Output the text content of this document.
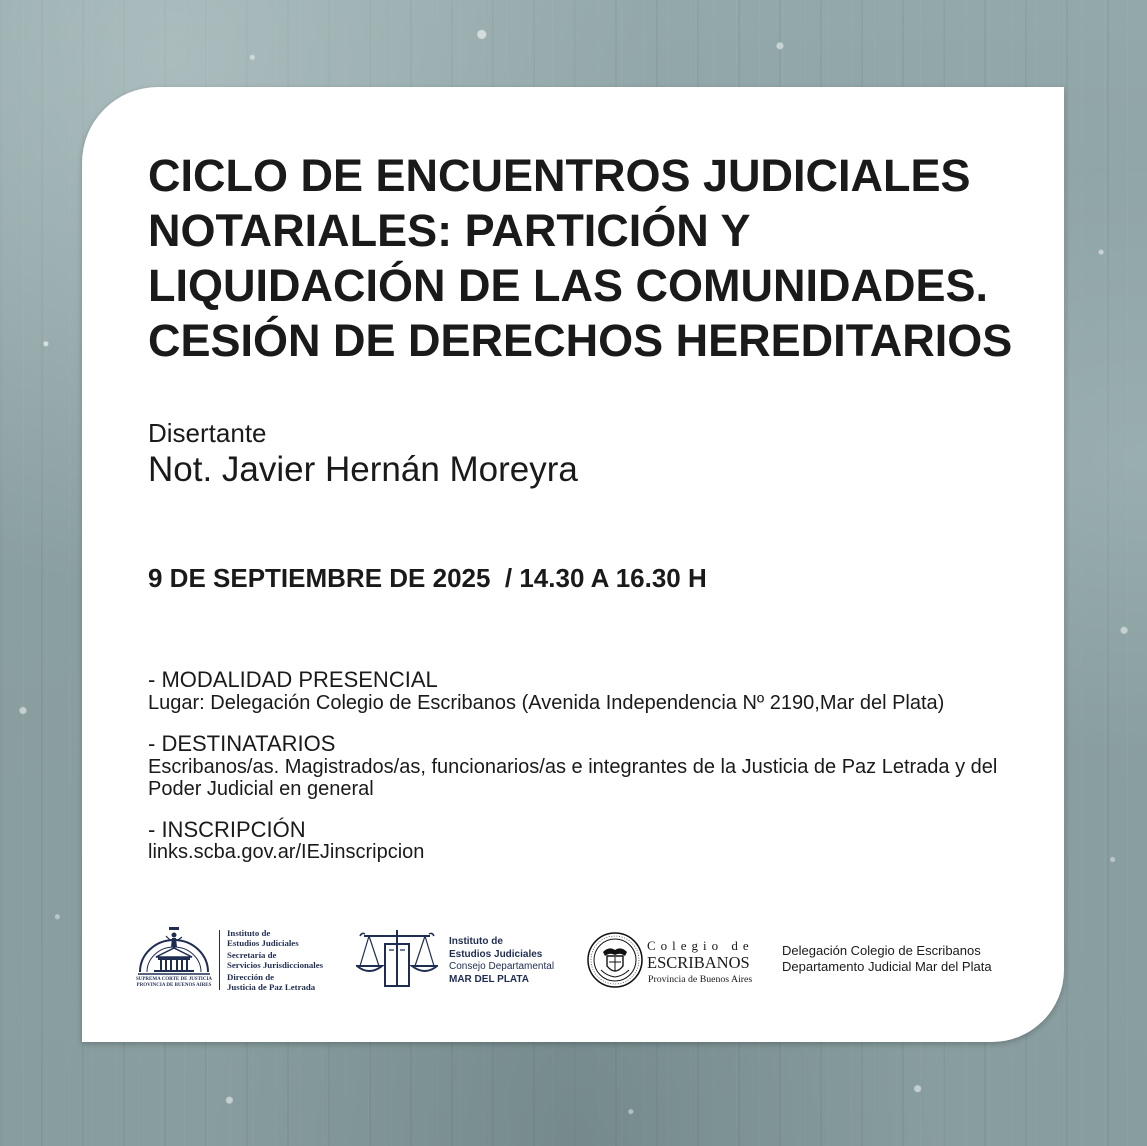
CICLO DE ENCUENTROS JUDICIALES
NOTARIALES: PARTICIÓN Y
LIQUIDACIÓN DE LAS COMUNIDADES.
CESIÓN DE DERECHOS HEREDITARIOS
Disertante
Not. Javier Hernán Moreyra
9 DE SEPTIEMBRE DE 2025  / 14.30 A 16.30 H
- MODALIDAD PRESENCIAL
Lugar: Delegación Colegio de Escribanos (Avenida Independencia Nº 2190,Mar del Plata)
- DESTINATARIOS
Escribanos/as. Magistrados/as, funcionarios/as e integrantes de la Justicia de Paz Letrada y del
Poder Judicial en general
- INSCRIPCIÓN
links.scba.gov.ar/IEJinscripcion
SUPREMA CORTE DE JUSTICIA
PROVINCIA DE BUENOS AIRES
Instituto de
Estudios Judiciales
Secretaría de
Servicios Jurisdiccionales
Dirección de
Justicia de Paz Letrada
Instituto de
Estudios Judiciales
Consejo Departamental
MAR DEL PLATA
Colegio de
ESCRIBANOS
Provincia de Buenos Aires
Delegación Colegio de Escribanos
Departamento Judicial Mar del Plata
